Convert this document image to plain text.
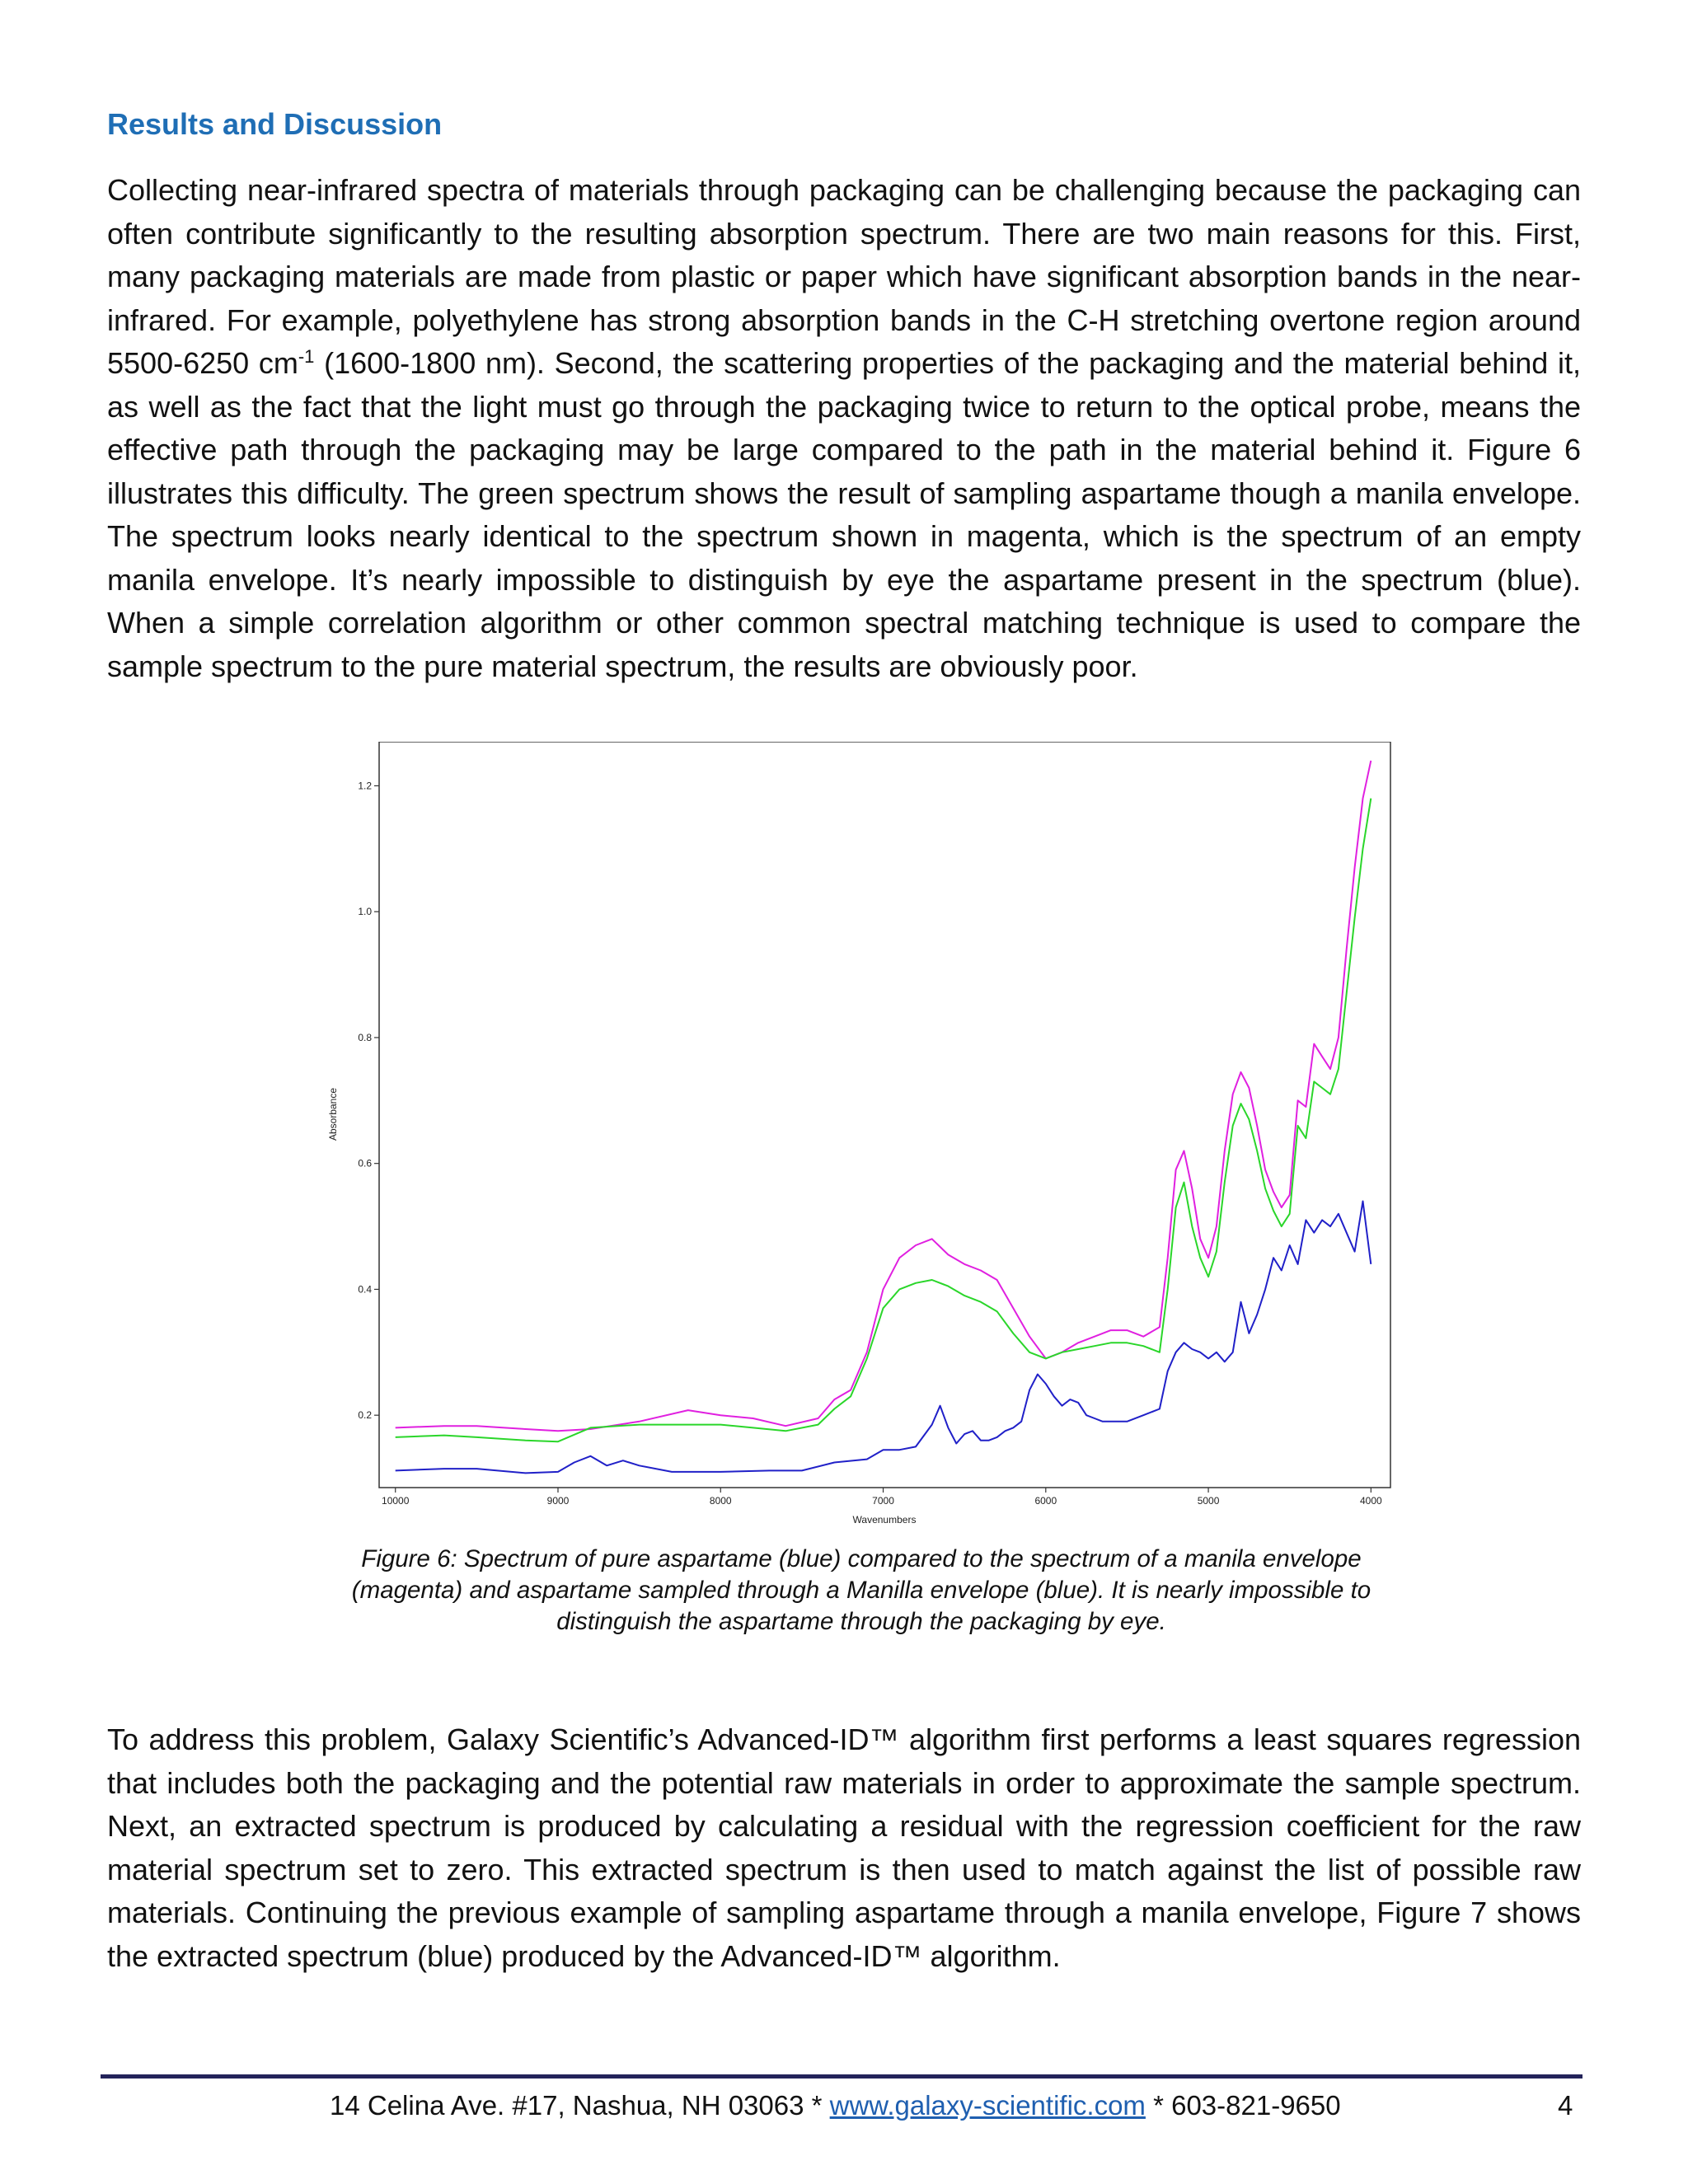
Results and Discussion
Collecting near-infrared spectra of materials through packaging can be challenging because the packaging can often contribute significantly to the resulting absorption spectrum. There are two main reasons for this. First, many packaging materials are made from plastic or paper which have significant absorption bands in the near-infrared. For example, polyethylene has strong absorption bands in the C-H stretching overtone region around 5500-6250 $cm^{-1}$ (1600-1800 nm). Second, the scattering properties of the packaging and the material behind it, as well as the fact that the light must go through the packaging twice to return to the optical probe, means the effective path through the packaging may be large compared to the path in the material behind it. Figure 6 illustrates this difficulty. The green spectrum shows the result of sampling aspartame though a manila envelope. The spectrum looks nearly identical to the spectrum shown in magenta, which is the spectrum of an empty manila envelope. It’s nearly impossible to distinguish by eye the aspartame present in the spectrum (blue). When a simple correlation algorithm or other common spectral matching technique is used to compare the sample spectrum to the pure material spectrum, the results are obviously poor.
10000	9000	8000	7000	6000	5000	4000
0.2
0.4
0.6
0.8
1.0
1.2
Wavenumbers
Absorbance
Figure 6: Spectrum of pure aspartame (blue) compared to the spectrum of a manila envelope (magenta) and aspartame sampled through a Manilla envelope (blue). It is nearly impossible to distinguish the aspartame through the packaging by eye.
To address this problem, Galaxy Scientific’s Advanced-ID™ algorithm first performs a least squares regression that includes both the packaging and the potential raw materials in order to approximate the sample spectrum. Next, an extracted spectrum is produced by calculating a residual with the regression coefficient for the raw material spectrum set to zero. This extracted spectrum is then used to match against the list of possible raw materials. Continuing the previous example of sampling aspartame through a manila envelope, Figure 7 shows the extracted spectrum (blue) produced by the Advanced-ID™ algorithm.
14 Celina Ave. #17, Nashua, NH 03063 * www.galaxy-scientific.com * 603-821-9650	4
